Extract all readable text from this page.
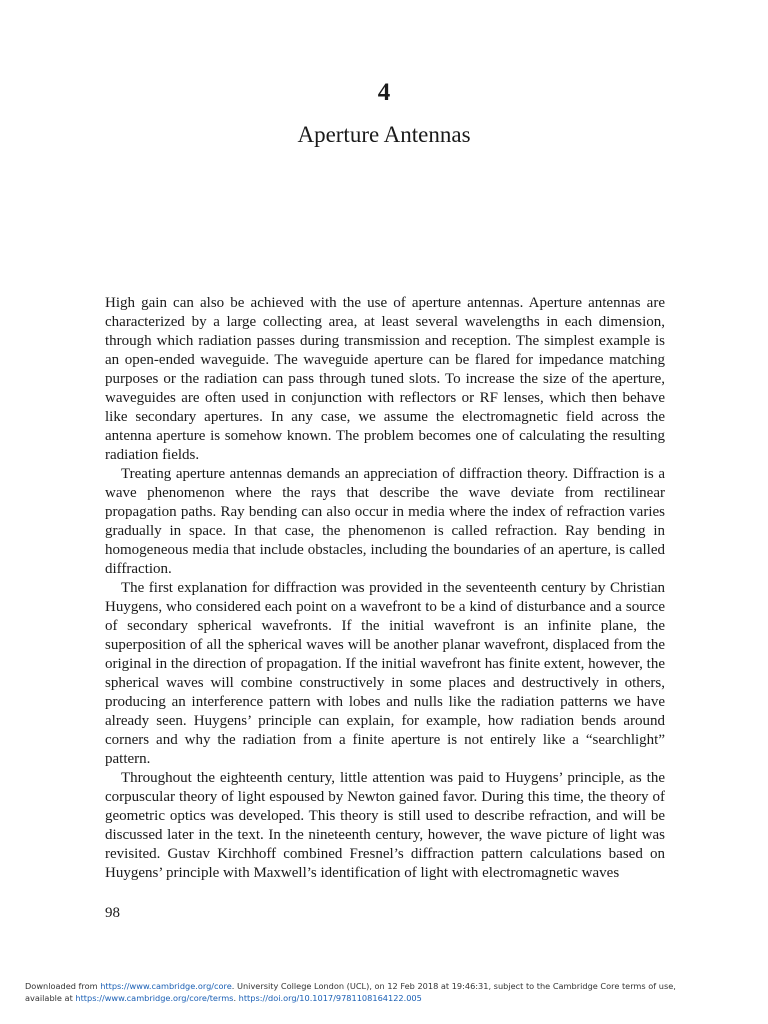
4
Aperture Antennas

High gain can also be achieved with the use of aperture antennas. Aperture antennas are characterized by a large collecting area, at least several wavelengths in each dimension, through which radiation passes during transmission and reception. The simplest example is an open-ended waveguide. The waveguide aperture can be flared for impedance matching purposes or the radiation can pass through tuned slots. To increase the size of the aperture, waveguides are often used in conjunction with reflectors or RF lenses, which then behave like secondary apertures. In any case, we assume the electromagnetic field across the antenna aperture is somehow known. The problem becomes one of calculating the resulting radiation fields.

Treating aperture antennas demands an appreciation of diffraction theory. Diffraction is a wave phenomenon where the rays that describe the wave deviate from rectilinear propagation paths. Ray bending can also occur in media where the index of refraction varies gradually in space. In that case, the phenomenon is called refraction. Ray bending in homogeneous media that include obstacles, including the boundaries of an aperture, is called diffraction.

The first explanation for diffraction was provided in the seventeenth century by Christian Huygens, who considered each point on a wavefront to be a kind of disturbance and a source of secondary spherical wavefronts. If the initial wavefront is an infinite plane, the superposition of all the spherical waves will be another planar wavefront, displaced from the original in the direction of propagation. If the initial wavefront has finite extent, however, the spherical waves will combine constructively in some places and destructively in others, producing an interference pattern with lobes and nulls like the radiation patterns we have already seen. Huygens’ principle can explain, for example, how radiation bends around corners and why the radiation from a finite aperture is not entirely like a “searchlight” pattern.

Throughout the eighteenth century, little attention was paid to Huygens’ principle, as the corpuscular theory of light espoused by Newton gained favor. During this time, the theory of geometric optics was developed. This theory is still used to describe refraction, and will be discussed later in the text. In the nineteenth century, however, the wave picture of light was revisited. Gustav Kirchhoff combined Fresnel’s diffraction pattern calculations based on Huygens’ principle with Maxwell’s identification of light with electromagnetic waves

98
Downloaded from https://www.cambridge.org/core. University College London (UCL), on 12 Feb 2018 at 19:46:31, subject to the Cambridge Core terms of use,
available at https://www.cambridge.org/core/terms. https://doi.org/10.1017/9781108164122.005
